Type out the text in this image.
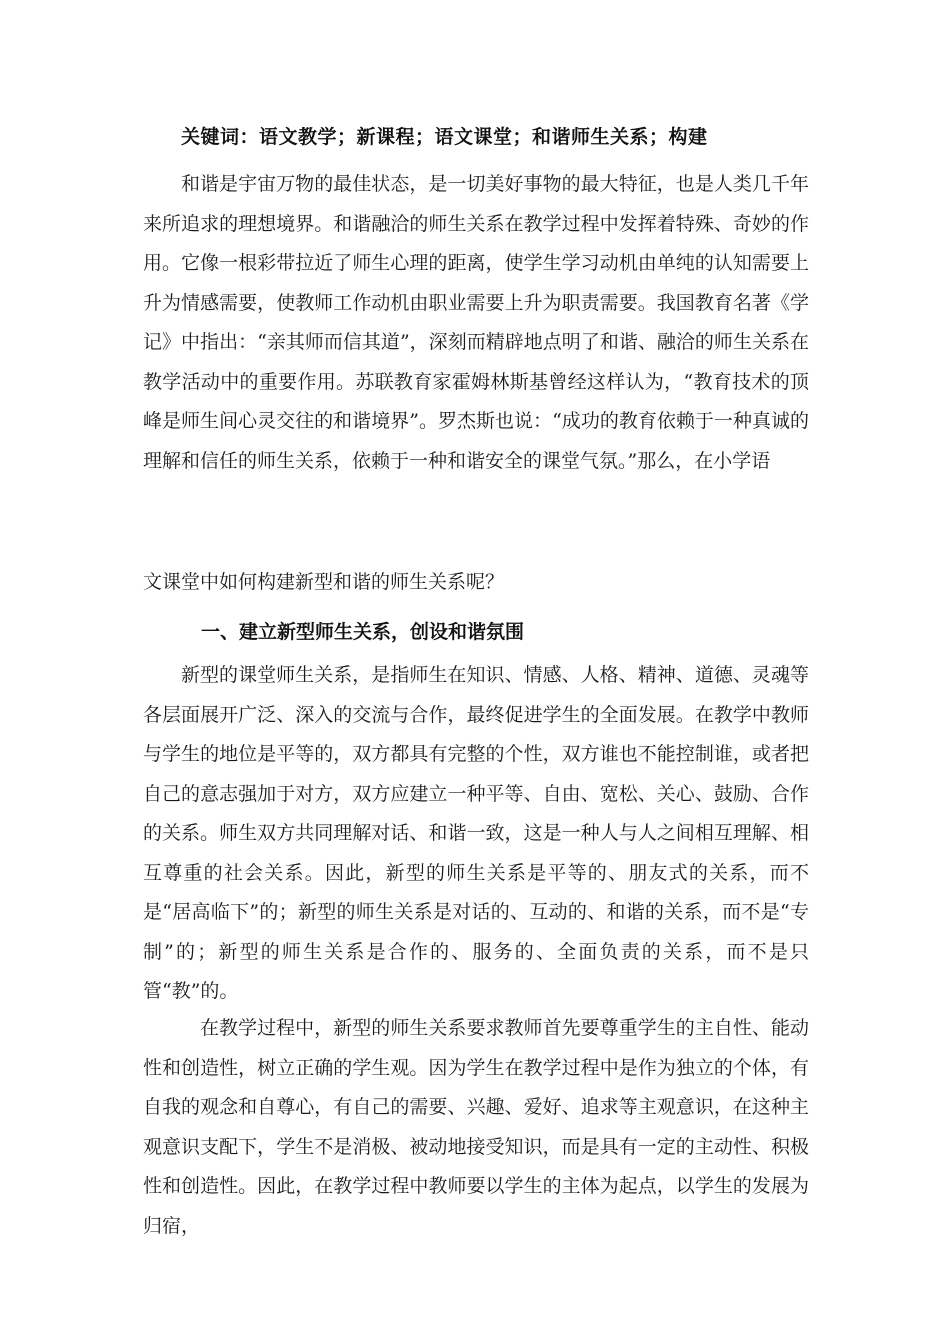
关键词：语文教学；新课程；语文课堂；和谐师生关系；构建

和谐是宇宙万物的最佳状态，是一切美好事物的最大特征，也是人类几千年来所追求的理想境界。和谐融洽的师生关系在教学过程中发挥着特殊、奇妙的作用。它像一根彩带拉近了师生心理的距离，使学生学习动机由单纯的认知需要上升为情感需要，使教师工作动机由职业需要上升为职责需要。我国教育名著《学记》中指出：“亲其师而信其道”，深刻而精辟地点明了和谐、融洽的师生关系在教学活动中的重要作用。苏联教育家霍姆林斯基曾经这样认为，“教育技术的顶峰是师生间心灵交往的和谐境界”。罗杰斯也说：“成功的教育依赖于一种真诚的理解和信任的师生关系，依赖于一种和谐安全的课堂气氛。”那么，在小学语

文课堂中如何构建新型和谐的师生关系呢？

一、建立新型师生关系，创设和谐氛围

新型的课堂师生关系，是指师生在知识、情感、人格、精神、道德、灵魂等各层面展开广泛、深入的交流与合作，最终促进学生的全面发展。在教学中教师与学生的地位是平等的，双方都具有完整的个性，双方谁也不能控制谁，或者把自己的意志强加于对方，双方应建立一种平等、自由、宽松、关心、鼓励、合作的关系。师生双方共同理解对话、和谐一致，这是一种人与人之间相互理解、相互尊重的社会关系。因此，新型的师生关系是平等的、朋友式的关系，而不是“居高临下”的；新型的师生关系是对话的、互动的、和谐的关系，而不是“专制”的；新型的师生关系是合作的、服务的、全面负责的关系，而不是只管“教”的。

在教学过程中，新型的师生关系要求教师首先要尊重学生的主自性、能动性和创造性，树立正确的学生观。因为学生在教学过程中是作为独立的个体，有自我的观念和自尊心，有自己的需要、兴趣、爱好、追求等主观意识，在这种主观意识支配下，学生不是消极、被动地接受知识，而是具有一定的主动性、积极性和创造性。因此，在教学过程中教师要以学生的主体为起点，以学生的发展为归宿，
